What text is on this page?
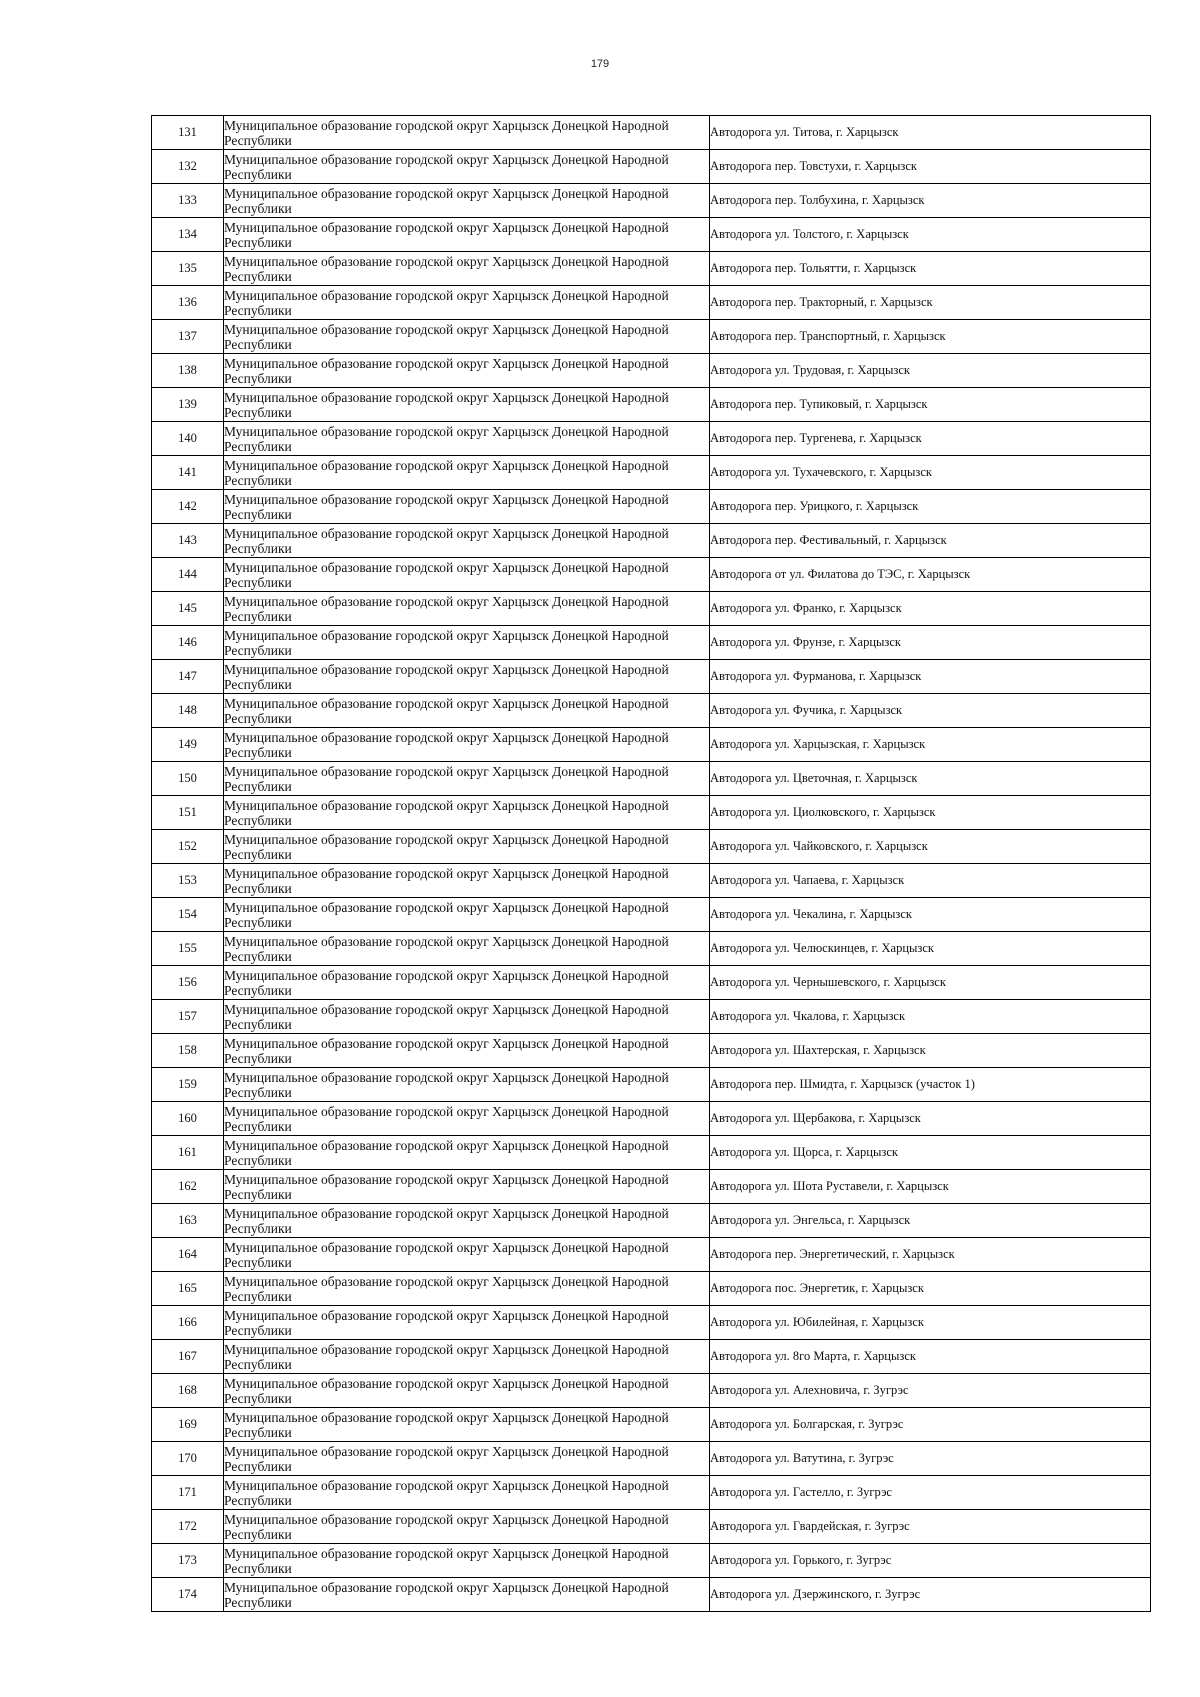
179
131	Муниципальное образование городской округ Харцызск Донецкой Народной Республики	Автодорога ул. Титова, г. Харцызск
132	Муниципальное образование городской округ Харцызск Донецкой Народной Республики	Автодорога пер. Товстухи, г. Харцызск
133	Муниципальное образование городской округ Харцызск Донецкой Народной Республики	Автодорога пер. Толбухина, г. Харцызск
134	Муниципальное образование городской округ Харцызск Донецкой Народной Республики	Автодорога ул. Толстого, г. Харцызск
135	Муниципальное образование городской округ Харцызск Донецкой Народной Республики	Автодорога пер. Тольятти, г. Харцызск
136	Муниципальное образование городской округ Харцызск Донецкой Народной Республики	Автодорога пер. Тракторный, г. Харцызск
137	Муниципальное образование городской округ Харцызск Донецкой Народной Республики	Автодорога пер. Транспортный, г. Харцызск
138	Муниципальное образование городской округ Харцызск Донецкой Народной Республики	Автодорога ул. Трудовая, г. Харцызск
139	Муниципальное образование городской округ Харцызск Донецкой Народной Республики	Автодорога пер. Тупиковый, г. Харцызск
140	Муниципальное образование городской округ Харцызск Донецкой Народной Республики	Автодорога пер. Тургенева, г. Харцызск
141	Муниципальное образование городской округ Харцызск Донецкой Народной Республики	Автодорога ул. Тухачевского, г. Харцызск
142	Муниципальное образование городской округ Харцызск Донецкой Народной Республики	Автодорога пер. Урицкого, г. Харцызск
143	Муниципальное образование городской округ Харцызск Донецкой Народной Республики	Автодорога пер. Фестивальный, г. Харцызск
144	Муниципальное образование городской округ Харцызск Донецкой Народной Республики	Автодорога от ул. Филатова до ТЭС, г. Харцызск
145	Муниципальное образование городской округ Харцызск Донецкой Народной Республики	Автодорога ул. Франко, г. Харцызск
146	Муниципальное образование городской округ Харцызск Донецкой Народной Республики	Автодорога ул. Фрунзе, г. Харцызск
147	Муниципальное образование городской округ Харцызск Донецкой Народной Республики	Автодорога ул. Фурманова, г. Харцызск
148	Муниципальное образование городской округ Харцызск Донецкой Народной Республики	Автодорога ул. Фучика, г. Харцызск
149	Муниципальное образование городской округ Харцызск Донецкой Народной Республики	Автодорога ул. Харцызская, г. Харцызск
150	Муниципальное образование городской округ Харцызск Донецкой Народной Республики	Автодорога ул. Цветочная, г. Харцызск
151	Муниципальное образование городской округ Харцызск Донецкой Народной Республики	Автодорога ул. Циолковского, г. Харцызск
152	Муниципальное образование городской округ Харцызск Донецкой Народной Республики	Автодорога ул. Чайковского, г. Харцызск
153	Муниципальное образование городской округ Харцызск Донецкой Народной Республики	Автодорога ул. Чапаева, г. Харцызск
154	Муниципальное образование городской округ Харцызск Донецкой Народной Республики	Автодорога ул. Чекалина, г. Харцызск
155	Муниципальное образование городской округ Харцызск Донецкой Народной Республики	Автодорога ул. Челюскинцев, г. Харцызск
156	Муниципальное образование городской округ Харцызск Донецкой Народной Республики	Автодорога ул. Чернышевского, г. Харцызск
157	Муниципальное образование городской округ Харцызск Донецкой Народной Республики	Автодорога ул. Чкалова, г. Харцызск
158	Муниципальное образование городской округ Харцызск Донецкой Народной Республики	Автодорога ул. Шахтерская, г. Харцызск
159	Муниципальное образование городской округ Харцызск Донецкой Народной Республики	Автодорога пер. Шмидта, г. Харцызск (участок 1)
160	Муниципальное образование городской округ Харцызск Донецкой Народной Республики	Автодорога ул. Щербакова, г. Харцызск
161	Муниципальное образование городской округ Харцызск Донецкой Народной Республики	Автодорога ул. Щорса, г. Харцызск
162	Муниципальное образование городской округ Харцызск Донецкой Народной Республики	Автодорога ул. Шота Руставели, г. Харцызск
163	Муниципальное образование городской округ Харцызск Донецкой Народной Республики	Автодорога ул. Энгельса, г. Харцызск
164	Муниципальное образование городской округ Харцызск Донецкой Народной Республики	Автодорога пер. Энергетический, г. Харцызск
165	Муниципальное образование городской округ Харцызск Донецкой Народной Республики	Автодорога пос. Энергетик, г. Харцызск
166	Муниципальное образование городской округ Харцызск Донецкой Народной Республики	Автодорога ул. Юбилейная, г. Харцызск
167	Муниципальное образование городской округ Харцызск Донецкой Народной Республики	Автодорога ул. 8го Марта, г. Харцызск
168	Муниципальное образование городской округ Харцызск Донецкой Народной Республики	Автодорога ул. Алехновича, г. Зугрэс
169	Муниципальное образование городской округ Харцызск Донецкой Народной Республики	Автодорога ул. Болгарская, г. Зугрэс
170	Муниципальное образование городской округ Харцызск Донецкой Народной Республики	Автодорога ул. Ватутина, г. Зугрэс
171	Муниципальное образование городской округ Харцызск Донецкой Народной Республики	Автодорога ул. Гастелло, г. Зугрэс
172	Муниципальное образование городской округ Харцызск Донецкой Народной Республики	Автодорога ул. Гвардейская, г. Зугрэс
173	Муниципальное образование городской округ Харцызск Донецкой Народной Республики	Автодорога ул. Горького, г. Зугрэс
174	Муниципальное образование городской округ Харцызск Донецкой Народной Республики	Автодорога ул. Дзержинского, г. Зугрэс
